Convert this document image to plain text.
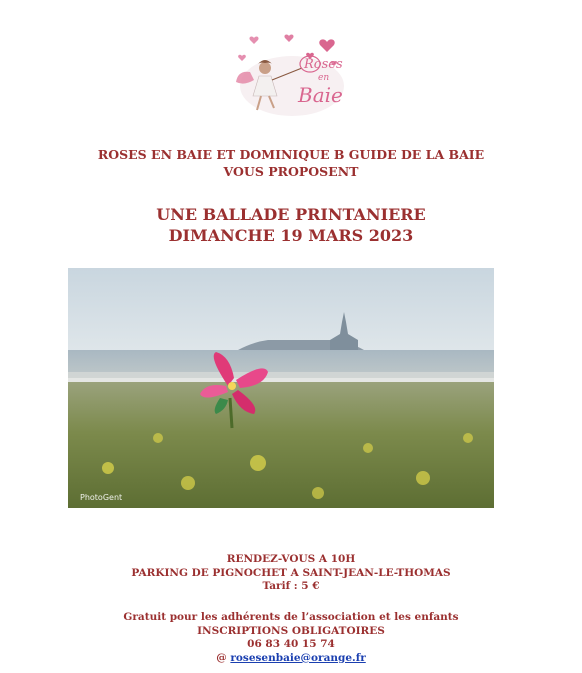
Roses
en
Baie
ROSES EN BAIE ET DOMINIQUE B GUIDE DE LA BAIE
VOUS PROPOSENT
UNE BALLADE PRINTANIERE
DIMANCHE 19 MARS 2023
PhotoGent
RENDEZ-VOUS A 10H
PARKING DE PIGNOCHET A SAINT-JEAN-LE-THOMAS
Tarif : 5 €
Gratuit pour les adhérents de l’association et les enfants
INSCRIPTIONS OBLIGATOIRES
06 83 40 15 74
@ rosesenbaie@orange.fr
